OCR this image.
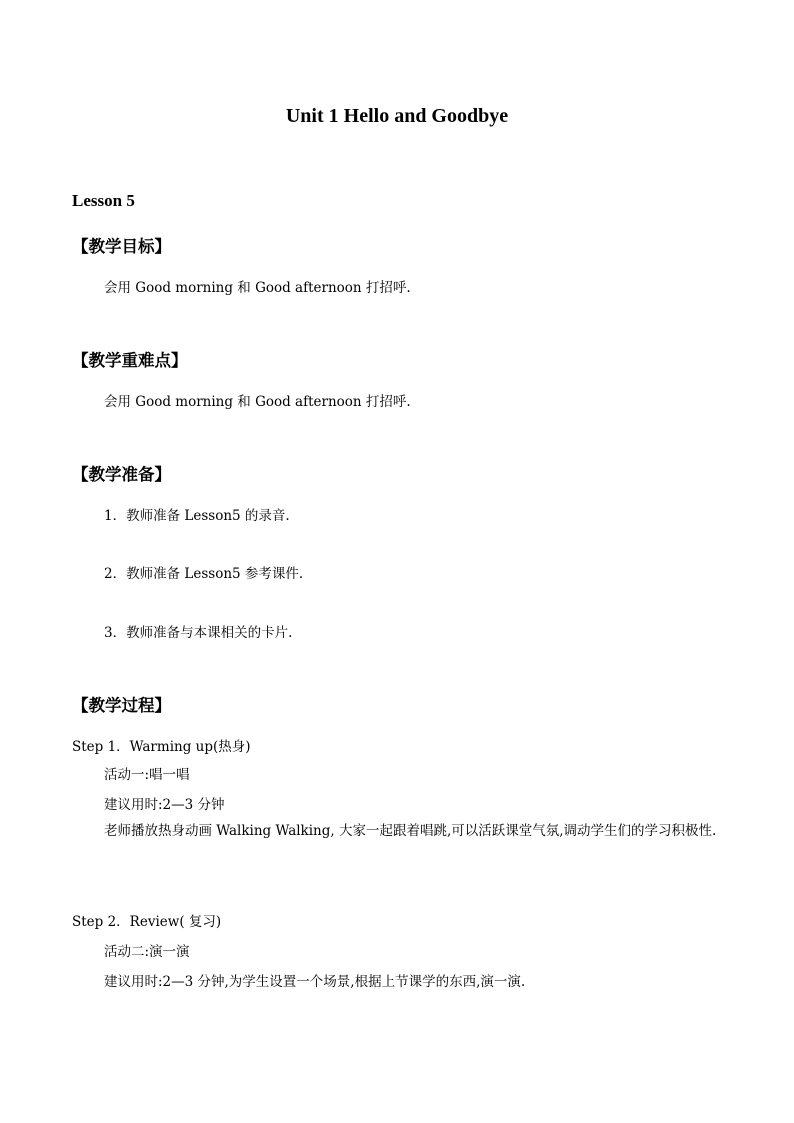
Unit 1 Hello and Goodbye
Lesson 5
【教学目标】
会用 Good morning 和 Good afternoon 打招呼.
【教学重难点】
会用 Good morning 和 Good afternoon 打招呼.
【教学准备】
1．教师准备 Lesson5 的录音.
2．教师准备 Lesson5 参考课件.
3．教师准备与本课相关的卡片.
【教学过程】
Step 1．Warming up(热身)
活动一:唱一唱
建议用时:2—3 分钟
老师播放热身动画 Walking Walking, 大家一起跟着唱跳,可以活跃课堂气氛,调动学生们的学习积极性.
Step 2．Review( 复习)
活动二:演一演
建议用时:2—3 分钟,为学生设置一个场景,根据上节课学的东西,演一演.
